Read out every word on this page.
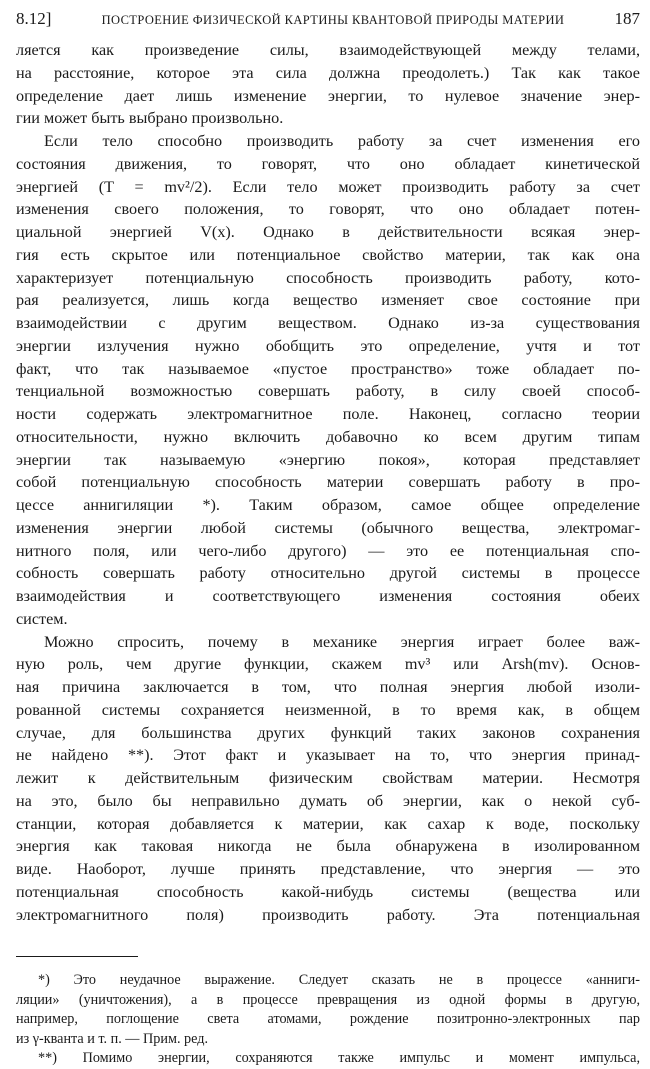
8.12]	ПОСТРОЕНИЕ ФИЗИЧЕСКОЙ КАРТИНЫ КВАНТОВОЙ ПРИРОДЫ МАТЕРИИ	187
ляется как произведение силы, взаимодействующей между телами,
на расстояние, которое эта сила должна преодолеть.) Так как такое
определение дает лишь изменение энергии, то нулевое значение энер-
гии может быть выбрано произвольно.
Если тело способно производить работу за счет изменения его
состояния движения, то говорят, что оно обладает кинетической
энергией (T = mv²/2). Если тело может производить работу за счет
изменения своего положения, то говорят, что оно обладает потен-
циальной энергией V(x). Однако в действительности всякая энер-
гия есть скрытое или потенциальное свойство материи, так как она
характеризует потенциальную способность производить работу, кото-
рая реализуется, лишь когда вещество изменяет свое состояние при
взаимодействии с другим веществом. Однако из-за существования
энергии излучения нужно обобщить это определение, учтя и тот
факт, что так называемое «пустое пространство» тоже обладает по-
тенциальной возможностью совершать работу, в силу своей способ-
ности содержать электромагнитное поле. Наконец, согласно теории
относительности, нужно включить добавочно ко всем другим типам
энергии так называемую «энергию покоя», которая представляет
собой потенциальную способность материи совершать работу в про-
цессе аннигиляции *). Таким образом, самое общее определение
изменения энергии любой системы (обычного вещества, электромаг-
нитного поля, или чего-либо другого) — это ее потенциальная спо-
собность совершать работу относительно другой системы в процессе
взаимодействия и соответствующего изменения состояния обеих
систем.
Можно спросить, почему в механике энергия играет более важ-
ную роль, чем другие функции, скажем mv³ или Arsh(mv). Основ-
ная причина заключается в том, что полная энергия любой изоли-
рованной системы сохраняется неизменной, в то время как, в общем
случае, для большинства других функций таких законов сохранения
не найдено **). Этот факт и указывает на то, что энергия принад-
лежит к действительным физическим свойствам материи. Несмотря
на это, было бы неправильно думать об энергии, как о некой суб-
станции, которая добавляется к материи, как сахар к воде, поскольку
энергия как таковая никогда не была обнаружена в изолированном
виде. Наоборот, лучше принять представление, что энергия — это
потенциальная способность какой-нибудь системы (вещества или
электромагнитного поля) производить работу. Эта потенциальная
*) Это неудачное выражение. Следует сказать не в процессе «анниги-
ляции» (уничтожения), а в процессе превращения из одной формы в другую,
например, поглощение света атомами, рождение позитронно-электронных пар
из γ-кванта и т. п. — Прим. ред.
**) Помимо энергии, сохраняются также импульс и момент импульса,
